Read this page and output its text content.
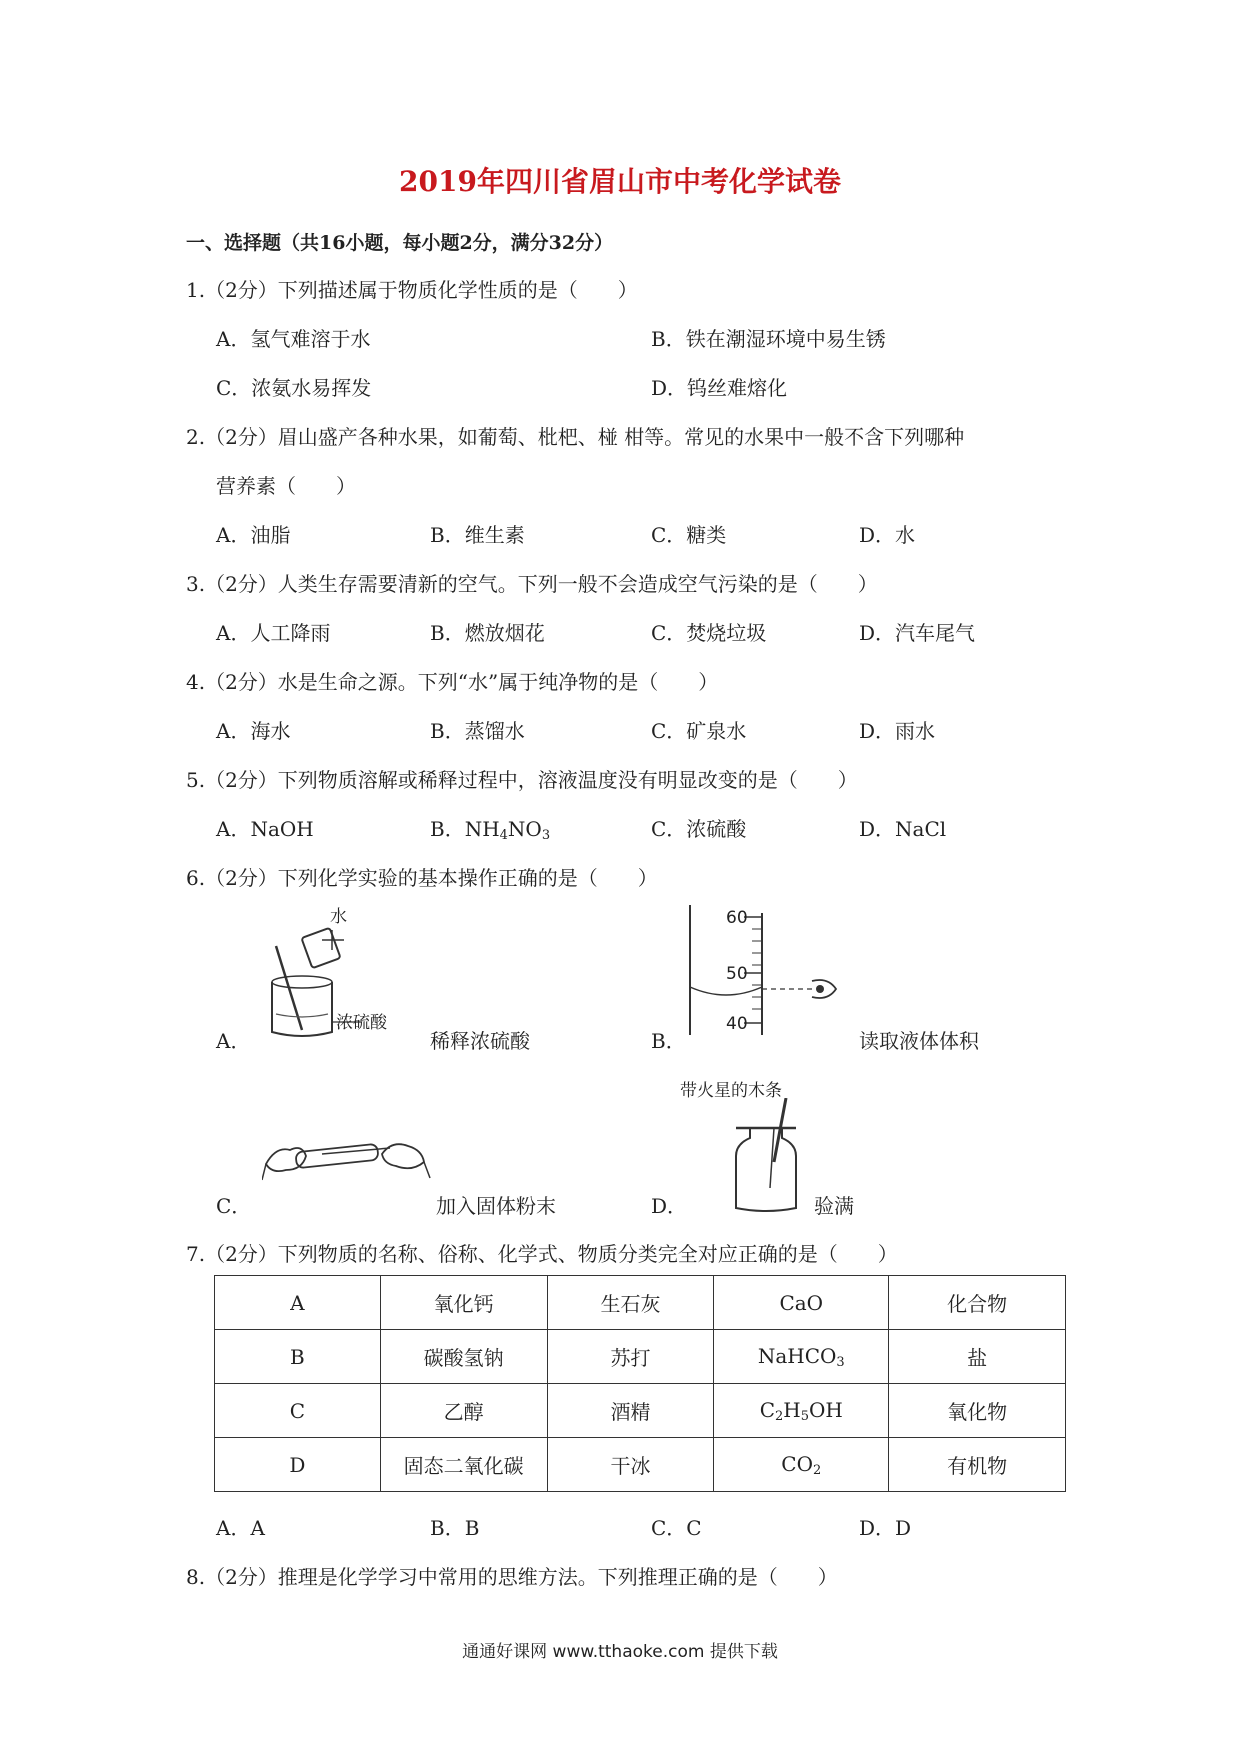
2019年四川省眉山市中考化学试卷
一、选择题（共16小题，每小题2分，满分32分）
1.（2分）下列描述属于物质化学性质的是（　　）
A．氢气难溶于水	B．铁在潮湿环境中易生锈
C．浓氨水易挥发	D．钨丝难熔化
2.（2分）眉山盛产各种水果，如葡萄、枇杷、椪 柑等。常见的水果中一般不含下列哪种
营养素（　　）
A．油脂	B．维生素	C．糖类	D．水
3.（2分）人类生存需要清新的空气。下列一般不会造成空气污染的是（　　）
A．人工降雨	B．燃放烟花	C．焚烧垃圾	D．汽车尾气
4.（2分）水是生命之源。下列“水”属于纯净物的是（　　）
A．海水	B．蒸馏水	C．矿泉水	D．雨水
5.（2分）下列物质溶解或稀释过程中，溶液温度没有明显改变的是（　　）
A．NaOH	B．$NH_4NO_3$	C．浓硫酸	D．NaCl
6.（2分）下列化学实验的基本操作正确的是（　　）
水
浓硫酸
A．	稀释浓硫酸
60
50
40
B．	读取液体体积
C．	加入固体粉末
带火星的木条
D．	验满
7.（2分）下列物质的名称、俗称、化学式、物质分类完全对应正确的是（　　）
A	氧化钙	生石灰	CaO	化合物
B	碳酸氢钠	苏打	NaHCO$_3$	盐
C	乙醇	酒精	$C_2H_5OH$	氧化物
D	固态二氧化碳	干冰	$CO_2$	有机物
A．A	B．B	C．C	D．D
8.（2分）推理是化学学习中常用的思维方法。下列推理正确的是（　　）
通通好课网 www.tthaoke.com 提供下载
